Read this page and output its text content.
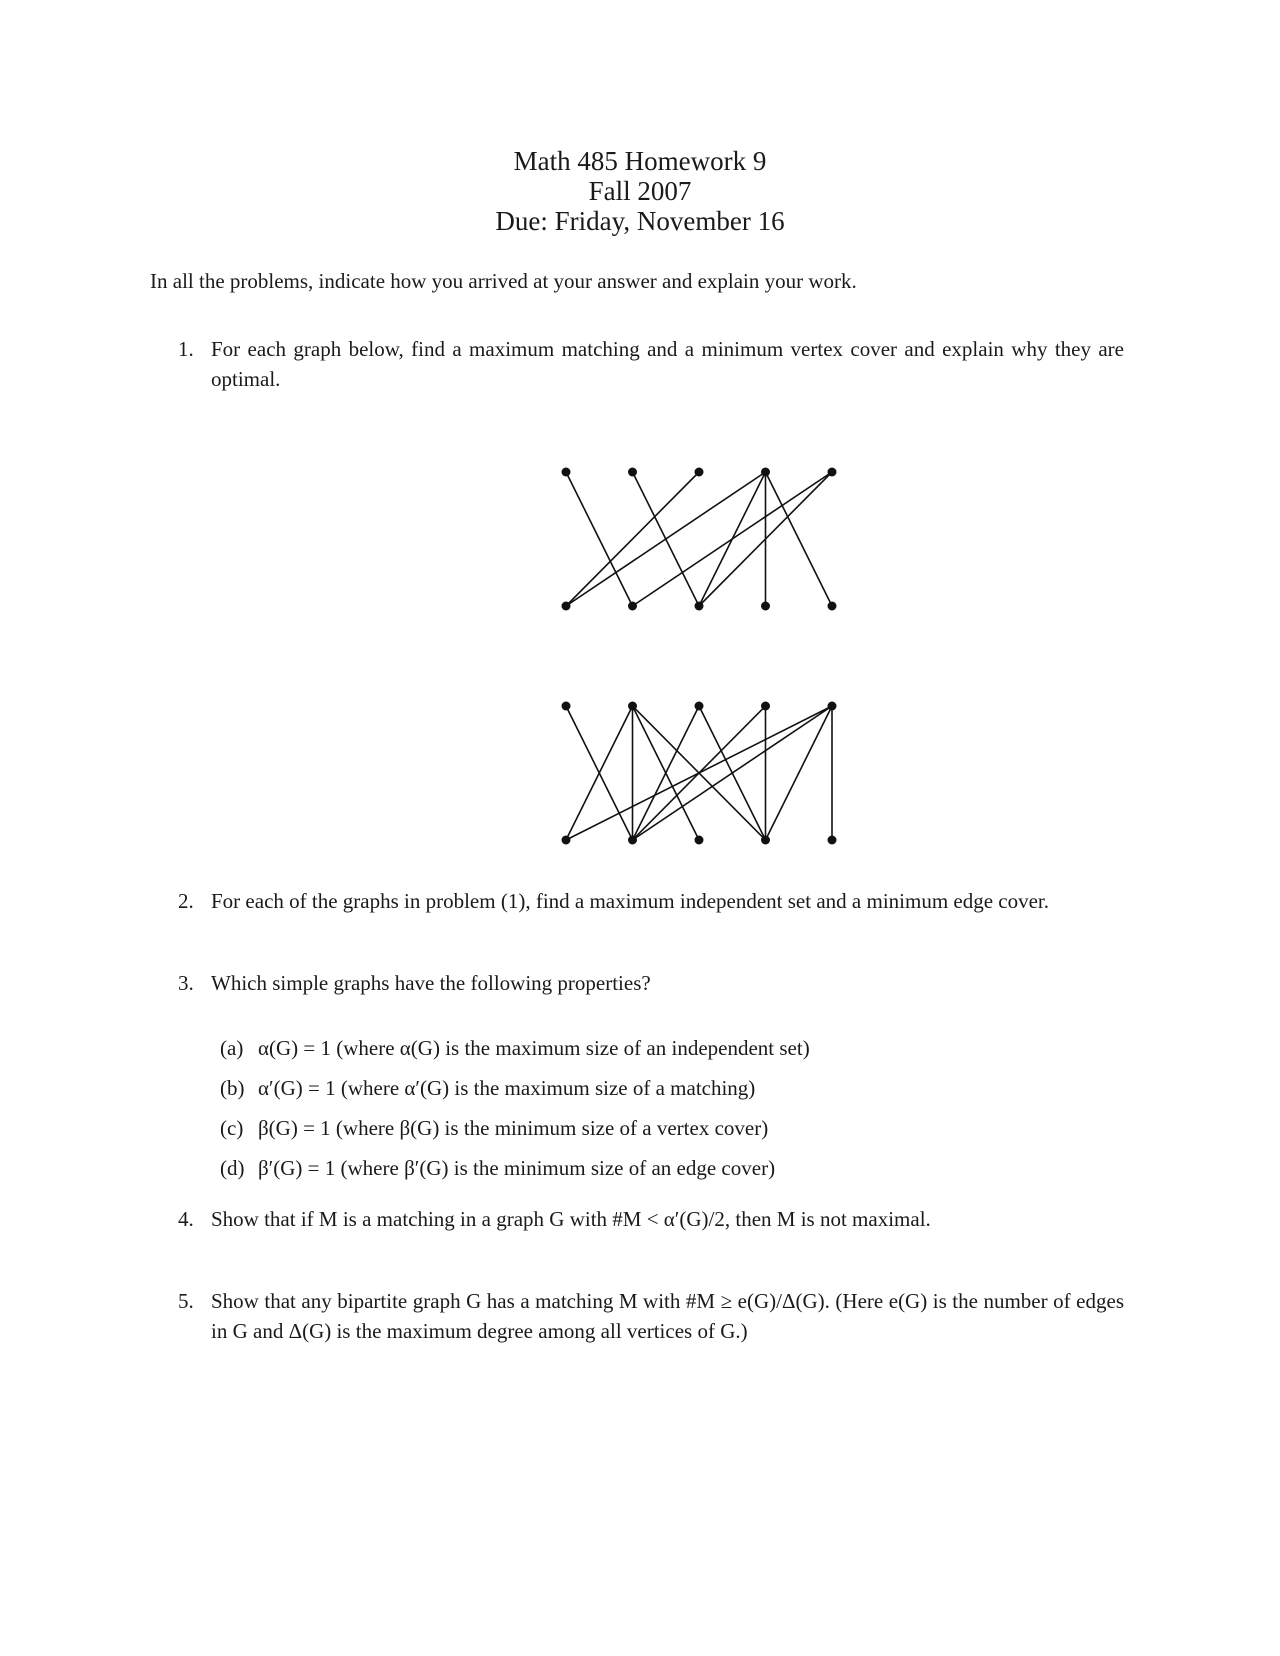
Math 485 Homework 9
Fall 2007
Due: Friday, November 16
In all the problems, indicate how you arrived at your answer and explain your work.
1. For each graph below, find a maximum matching and a minimum vertex cover and explain why they are optimal.
2. For each of the graphs in problem (1), find a maximum independent set and a minimum edge cover.
3. Which simple graphs have the following properties?
(a) α(G) = 1 (where α(G) is the maximum size of an independent set)
(b) α′(G) = 1 (where α′(G) is the maximum size of a matching)
(c) β(G) = 1 (where β(G) is the minimum size of a vertex cover)
(d) β′(G) = 1 (where β′(G) is the minimum size of an edge cover)
4. Show that if M is a matching in a graph G with #M < α′(G)/2, then M is not maximal.
5. Show that any bipartite graph G has a matching M with #M ≥ e(G)/Δ(G). (Here e(G) is the number of edges in G and Δ(G) is the maximum degree among all vertices of G.)
